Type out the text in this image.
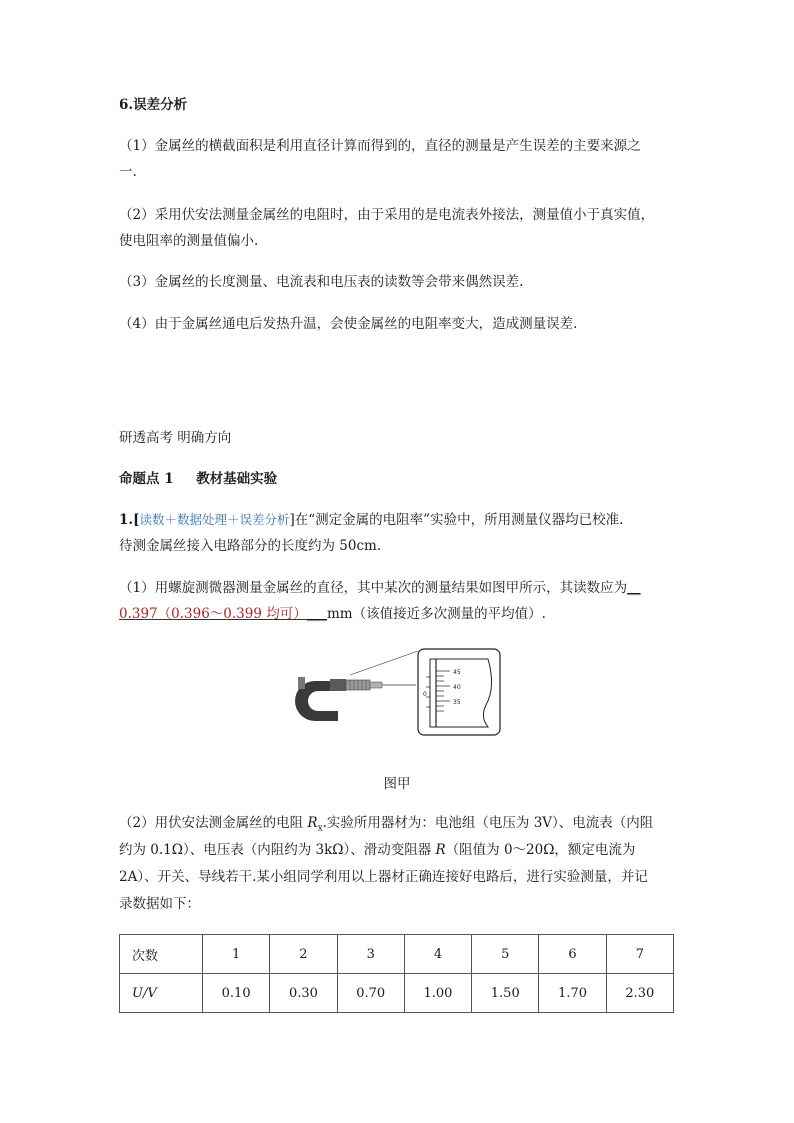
6.误差分析
（1）金属丝的横截面积是利用直径计算而得到的，直径的测量是产生误差的主要来源之
一.
（2）采用伏安法测量金属丝的电阻时，由于采用的是电流表外接法，测量值小于真实值，
使电阻率的测量值偏小.
（3）金属丝的长度测量、电流表和电压表的读数等会带来偶然误差.
（4）由于金属丝通电后发热升温，会使金属丝的电阻率变大，造成测量误差.
研透高考 明确方向
命题点 1 教材基础实验
1.[读数＋数据处理＋误差分析]在“测定金属的电阻率”实验中，所用测量仪器均已校准.
待测金属丝接入电路部分的长度约为 50cm.
（1）用螺旋测微器测量金属丝的直径，其中某次的测量结果如图甲所示，其读数应为__
0.397（0.396～0.399 均可）___mm（该值接近多次测量的平均值）.
45
40
35
0
图甲
（2）用伏安法测金属丝的电阻 $R_x$.实验所用器材为：电池组（电压为 3V）、电流表（内阻
约为 0.1Ω）、电压表（内阻约为 3kΩ）、滑动变阻器 R（阻值为 0～20Ω，额定电流为
2A）、开关、导线若干.某小组同学利用以上器材正确连接好电路后，进行实验测量，并记
录数据如下：
次数	1	2	3	4	5	6	7
U/V	0.10	0.30	0.70	1.00	1.50	1.70	2.30
